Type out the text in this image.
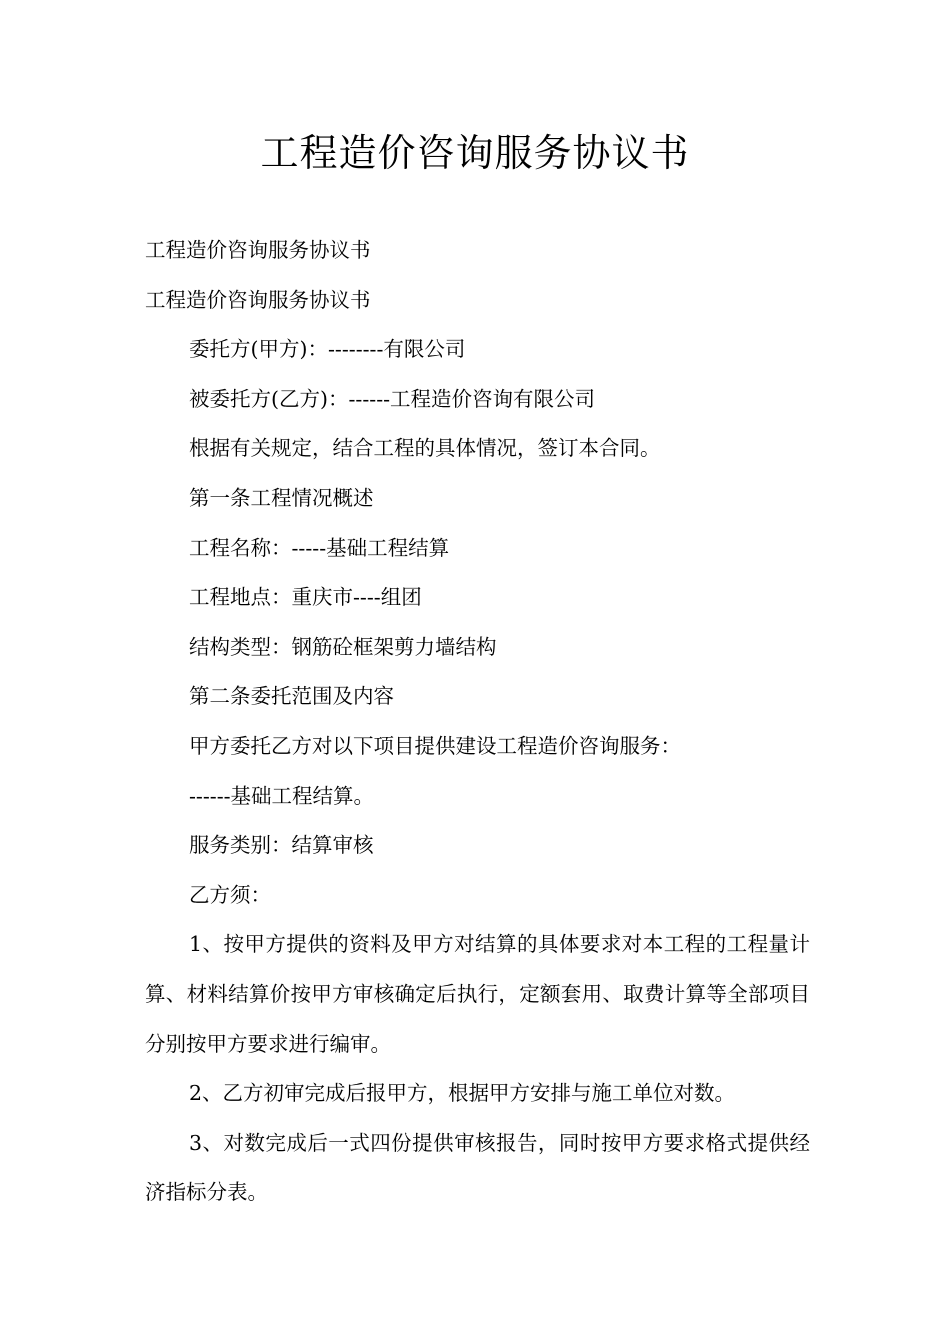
工程造价咨询服务协议书

工程造价咨询服务协议书

工程造价咨询服务协议书

委托方(甲方)：--------有限公司

被委托方(乙方)：------工程造价咨询有限公司

根据有关规定，结合工程的具体情况，签订本合同。

第一条工程情况概述

工程名称：-----基础工程结算

工程地点：重庆市----组团

结构类型：钢筋砼框架剪力墙结构

第二条委托范围及内容

甲方委托乙方对以下项目提供建设工程造价咨询服务：

------基础工程结算。

服务类别：结算审核

乙方须：

1、按甲方提供的资料及甲方对结算的具体要求对本工程的工程量计算、材料结算价按甲方审核确定后执行，定额套用、取费计算等全部项目分别按甲方要求进行编审。

2、乙方初审完成后报甲方，根据甲方安排与施工单位对数。

3、对数完成后一式四份提供审核报告，同时按甲方要求格式提供经济指标分表。
